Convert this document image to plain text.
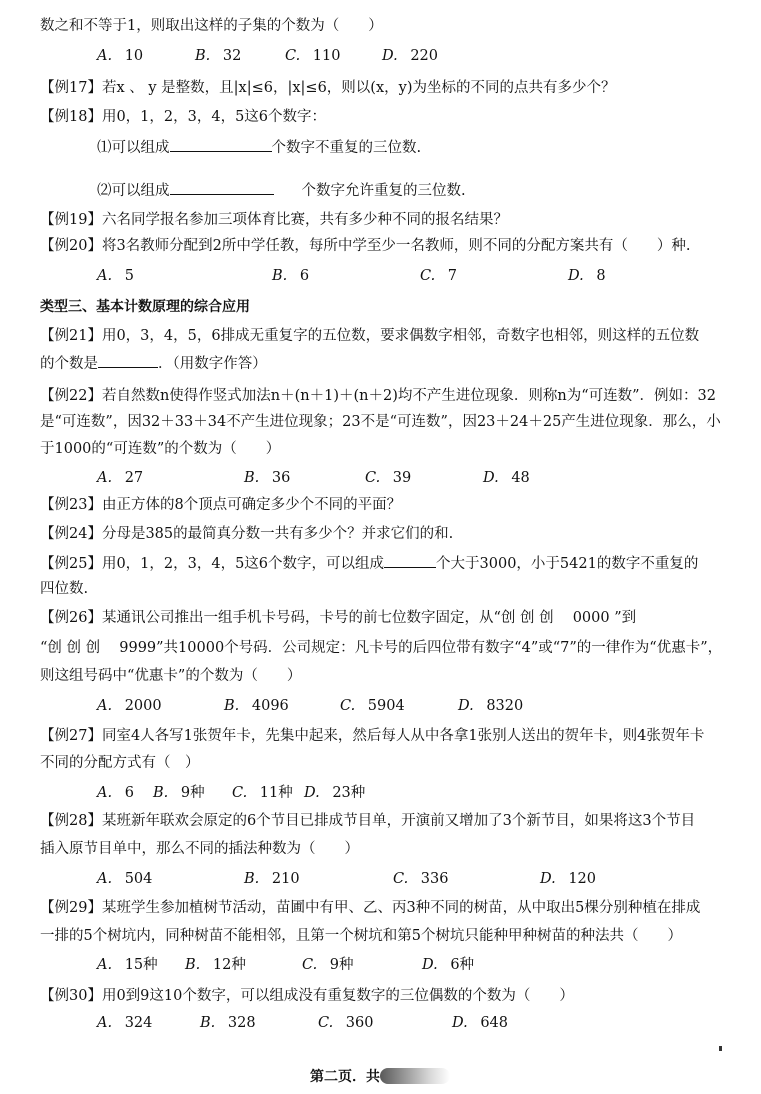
数之和不等于1，则取出这样的子集的个数为（　　）
【例17】若x 、 y 是整数，且|x|≤6，|x|≤6，则以(x，y)为坐标的不同的点共有多少个？
【例18】用0，1，2，3，4，5这6个数字：
【例19】六名同学报名参加三项体育比赛，共有多少种不同的报名结果？
【例20】将3名教师分配到2所中学任教，每所中学至少一名教师，则不同的分配方案共有（　　）种.
【例21】用0，3，4，5，6排成无重复字的五位数，要求偶数字相邻，奇数字也相邻，则这样的五位数
【例22】若自然数n使得作竖式加法n＋(n＋1)＋(n＋2)均不产生进位现象．则称n为“可连数”．例如：32
是“可连数”，因32＋33＋34不产生进位现象；23不是“可连数”，因23＋24＋25产生进位现象．那么，小
于1000的“可连数”的个数为（　　）
【例23】由正方体的8个顶点可确定多少个不同的平面？
【例24】分母是385的最简真分数一共有多少个？并求它们的和.
四位数.
【例26】某通讯公司推出一组手机卡号码，卡号的前七位数字固定，从“创 创 创　 0000 ”到
“创 创 创　 9999”共10000个号码．公司规定：凡卡号的后四位带有数字“4”或“7”的一律作为“优惠卡”，
则这组号码中“优惠卡”的个数为（　　）
【例27】同室4人各写1张贺年卡，先集中起来，然后每人从中各拿1张别人送出的贺年卡，则4张贺年卡
不同的分配方式有（　）
【例28】某班新年联欢会原定的6个节目已排成节目单，开演前又增加了3个新节目，如果将这3个节目
插入原节目单中，那么不同的插法种数为（　　）
【例29】某班学生参加植树节活动，苗圃中有甲、乙、丙3种不同的树苗，从中取出5棵分别种植在排成
一排的5个树坑内，同种树苗不能相邻，且第一个树坑和第5个树坑只能种甲种树苗的种法共（　　）
【例30】用0到9这10个数字，可以组成没有重复数字的三位偶数的个数为（　　）
⑴可以组成	个数字不重复的三位数.
⑵可以组成	个数字允许重复的三位数.
类型三、基本计数原理的综合应用
的个数是	．（用数字作答）
【例25】用0，1，2，3，4，5这6个数字，可以组成	个大于3000，小于5421的数字不重复的
A. 10	B. 32	C. 110	D. 220
A. 5	B. 6	C. 7	D. 8
A. 27	B. 36	C. 39	D. 48
A. 2000	B. 4096	C. 5904	D. 8320
A. 6 B. 9种 C. 11种 D. 23种
A. 504	B. 210	C. 336	D. 120
A. 15种 B. 12种	C. 9种	D. 6种
A. 324	B. 328	C. 360	D. 648
第二页．共
